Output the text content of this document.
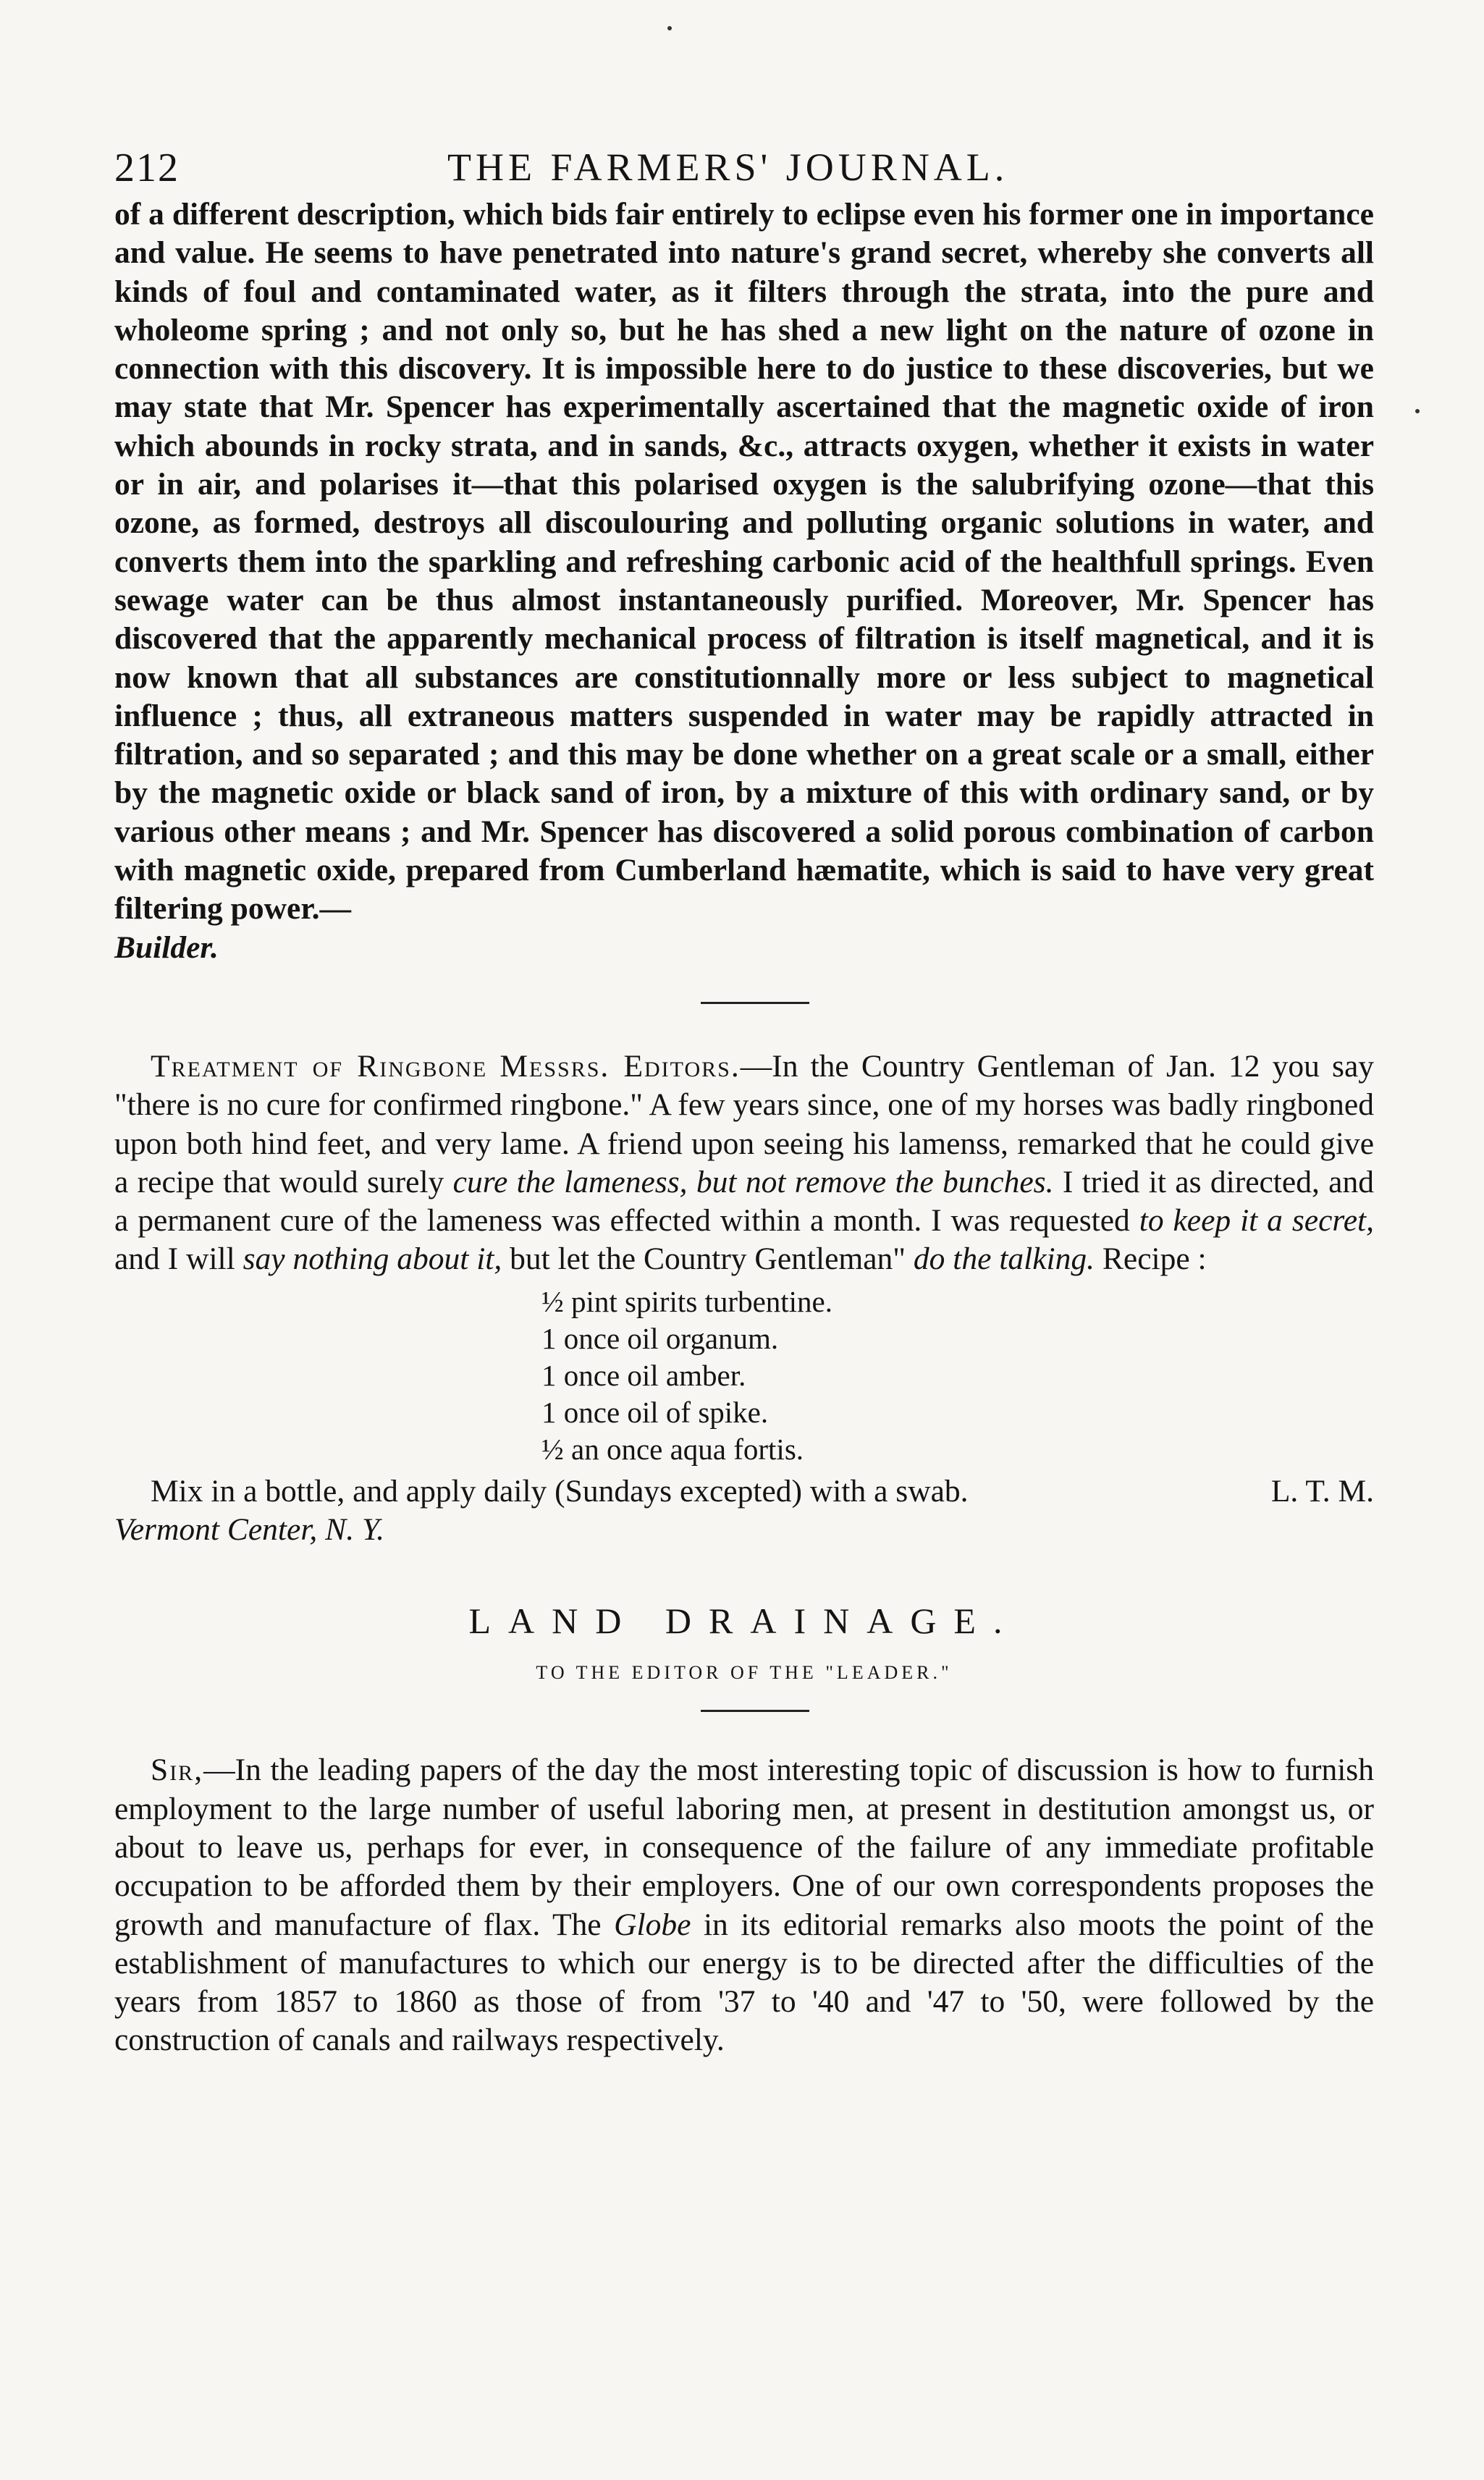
212	THE FARMERS' JOURNAL.

of a different description, which bids fair entirely to eclipse even his former one in importance and value. He seems to have penetrated into nature's grand secret, whereby she converts all kinds of foul and contaminated water, as it filters through the strata, into the pure and wholeome spring ; and not only so, but he has shed a new light on the nature of ozone in connection with this discovery. It is impossible here to do justice to these discoveries, but we may state that Mr. Spencer has experimentally ascertained that the magnetic oxide of iron which abounds in rocky strata, and in sands, &c., attracts oxygen, whether it exists in water or in air, and polarises it—that this polarised oxygen is the salubrifying ozone—that this ozone, as formed, destroys all discoulouring and polluting organic solutions in water, and converts them into the sparkling and refreshing carbonic acid of the healthfull springs. Even sewage water can be thus almost instantaneously purified. Moreover, Mr. Spencer has discovered that the apparently mechanical process of filtration is itself magnetical, and it is now known that all substances are constitutionnally more or less subject to magnetical influence ; thus, all extraneous matters suspended in water may be rapidly attracted in filtration, and so separated ; and this may be done whether on a great scale or a small, either by the magnetic oxide or black sand of iron, by a mixture of this with ordinary sand, or by various other means ; and Mr. Spencer has discovered a solid porous combination of carbon with magnetic oxide, prepared from Cumberland hæmatite, which is said to have very great filtering power.—
Builder.

Treatment of Ringbone Messrs. Editors.—In the Country Gentleman of Jan. 12 you say "there is no cure for confirmed ringbone." A few years since, one of my horses was badly ringboned upon both hind feet, and very lame. A friend upon seeing his lamenss, remarked that he could give a recipe that would surely cure the lameness, but not remove the bunches. I tried it as directed, and a permanent cure of the lameness was effected within a month. I was requested to keep it a secret, and I will say nothing about it, but let the Country Gentleman" do the talking. Recipe :

½ pint spirits turbentine.
1 once oil organum.
1 once oil amber.
1 once oil of spike.
½ an once aqua fortis.
Mix in a bottle, and apply daily (Sundays excepted) with a swab.	L. T. M.

Vermont Center, N. Y.

LAND DRAINAGE.
TO THE EDITOR OF THE "LEADER."

Sir,—In the leading papers of the day the most interesting topic of discussion is how to furnish employment to the large number of useful laboring men, at present in destitution amongst us, or about to leave us, perhaps for ever, in consequence of the failure of any immediate profitable occupation to be afforded them by their employers. One of our own correspondents proposes the growth and manufacture of flax. The Globe in its editorial remarks also moots the point of the establishment of manufactures to which our energy is to be directed after the difficulties of the years from 1857 to 1860 as those of from '37 to '40 and '47 to '50, were followed by the construction of canals and railways respectively.
